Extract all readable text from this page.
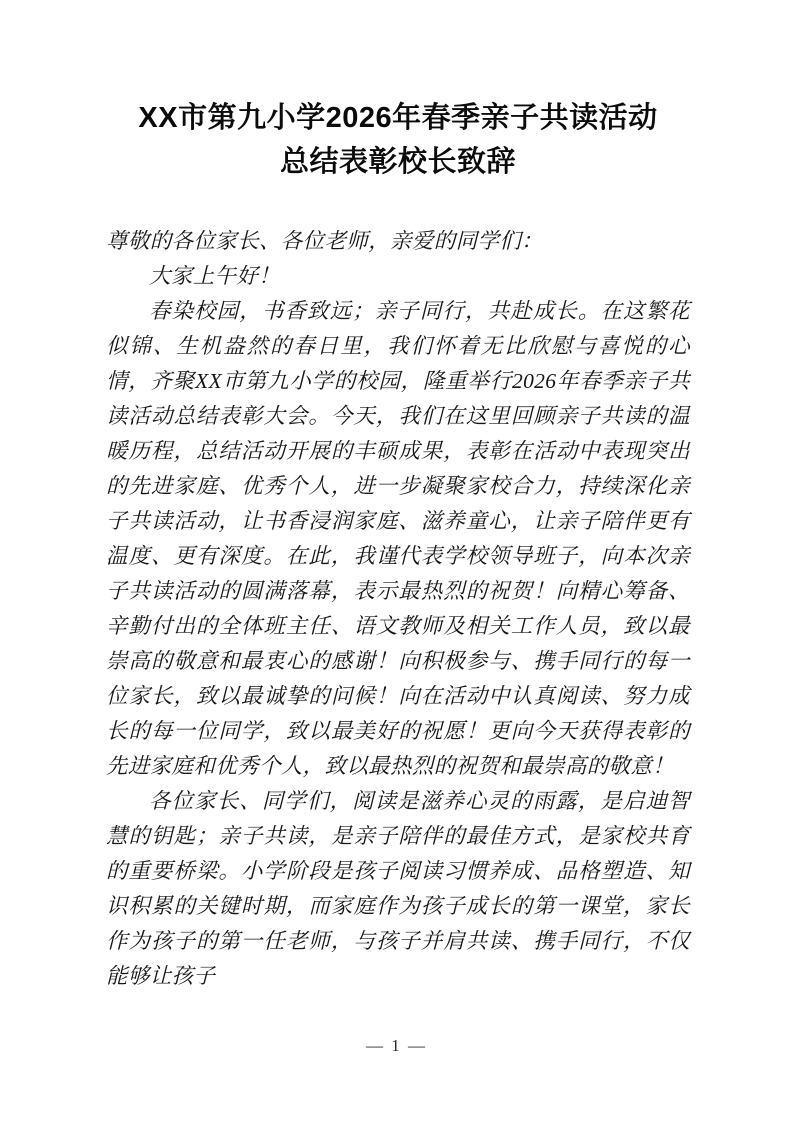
XX市第九小学2026年春季亲子共读活动
总结表彰校长致辞

尊敬的各位家长、各位老师，亲爱的同学们：

大家上午好！

春染校园，书香致远；亲子同行，共赴成长。在这繁花似锦、生机盎然的春日里，我们怀着无比欣慰与喜悦的心情，齐聚XX市第九小学的校园，隆重举行2026年春季亲子共读活动总结表彰大会。今天，我们在这里回顾亲子共读的温暖历程，总结活动开展的丰硕成果，表彰在活动中表现突出的先进家庭、优秀个人，进一步凝聚家校合力，持续深化亲子共读活动，让书香浸润家庭、滋养童心，让亲子陪伴更有温度、更有深度。在此，我谨代表学校领导班子，向本次亲子共读活动的圆满落幕，表示最热烈的祝贺！向精心筹备、辛勤付出的全体班主任、语文教师及相关工作人员，致以最崇高的敬意和最衷心的感谢！向积极参与、携手同行的每一位家长，致以最诚挚的问候！向在活动中认真阅读、努力成长的每一位同学，致以最美好的祝愿！更向今天获得表彰的先进家庭和优秀个人，致以最热烈的祝贺和最崇高的敬意！

各位家长、同学们，阅读是滋养心灵的雨露，是启迪智慧的钥匙；亲子共读，是亲子陪伴的最佳方式，是家校共育的重要桥梁。小学阶段是孩子阅读习惯养成、品格塑造、知识积累的关键时期，而家庭作为孩子成长的第一课堂，家长作为孩子的第一任老师，与孩子并肩共读、携手同行，不仅能够让孩子

— 1 —
